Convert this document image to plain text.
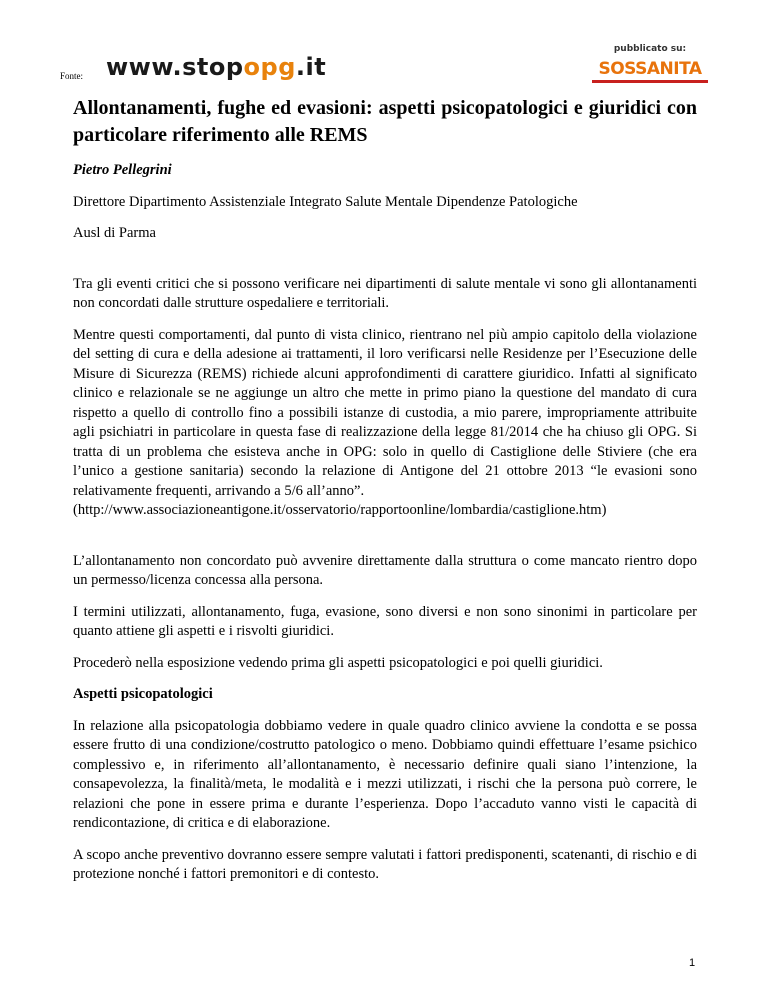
Fonte: www.stopopg.it
pubblicato su:
SOSSANITA
Allontanamenti, fughe ed evasioni: aspetti psicopatologici e giuridici con particolare riferimento alle REMS

Pietro Pellegrini

Direttore Dipartimento Assistenziale Integrato Salute Mentale Dipendenze Patologiche

Ausl di Parma

Tra gli eventi critici che si possono verificare nei dipartimenti di salute mentale vi sono gli allontanamenti non concordati dalle strutture ospedaliere e territoriali.

Mentre questi comportamenti, dal punto di vista clinico, rientrano nel più ampio capitolo della violazione del setting di cura e della adesione ai trattamenti, il loro verificarsi nelle Residenze per l’Esecuzione delle Misure di Sicurezza (REMS) richiede alcuni approfondimenti di carattere giuridico. Infatti al significato clinico e relazionale se ne aggiunge un altro che mette in primo piano la questione del mandato di cura rispetto a quello di controllo fino a possibili istanze di custodia, a mio parere, impropriamente attribuite agli psichiatri in particolare in questa fase di realizzazione della legge 81/2014 che ha chiuso gli OPG. Si tratta di un problema che esisteva anche in OPG: solo in quello di Castiglione delle Stiviere (che era l’unico a gestione sanitaria) secondo la relazione di Antigone del 21 ottobre 2013 “le evasioni sono relativamente frequenti, arrivando a 5/6 all’anno”.

(http://www.associazioneantigone.it/osservatorio/rapportoonline/lombardia/castiglione.htm)

L’allontanamento non concordato può avvenire direttamente dalla struttura o come mancato rientro dopo un permesso/licenza concessa alla persona.

I termini utilizzati, allontanamento, fuga, evasione, sono diversi e non sono sinonimi in particolare per quanto attiene gli aspetti e i risvolti giuridici.

Procederò nella esposizione vedendo prima gli aspetti psicopatologici e poi quelli giuridici.

Aspetti psicopatologici

In relazione alla psicopatologia dobbiamo vedere in quale quadro clinico avviene la condotta e se possa essere frutto di una condizione/costrutto patologico o meno. Dobbiamo quindi effettuare l’esame psichico complessivo e, in riferimento all’allontanamento, è necessario definire quali siano l’intenzione, la consapevolezza, la finalità/meta, le modalità e i mezzi utilizzati, i rischi che la persona può correre, le relazioni che pone in essere prima e durante l’esperienza. Dopo l’accaduto vanno visti le capacità di rendicontazione, di critica e di elaborazione.

A scopo anche preventivo dovranno essere sempre valutati i fattori predisponenti, scatenanti, di rischio e di protezione nonché i fattori premonitori e di contesto.

1
